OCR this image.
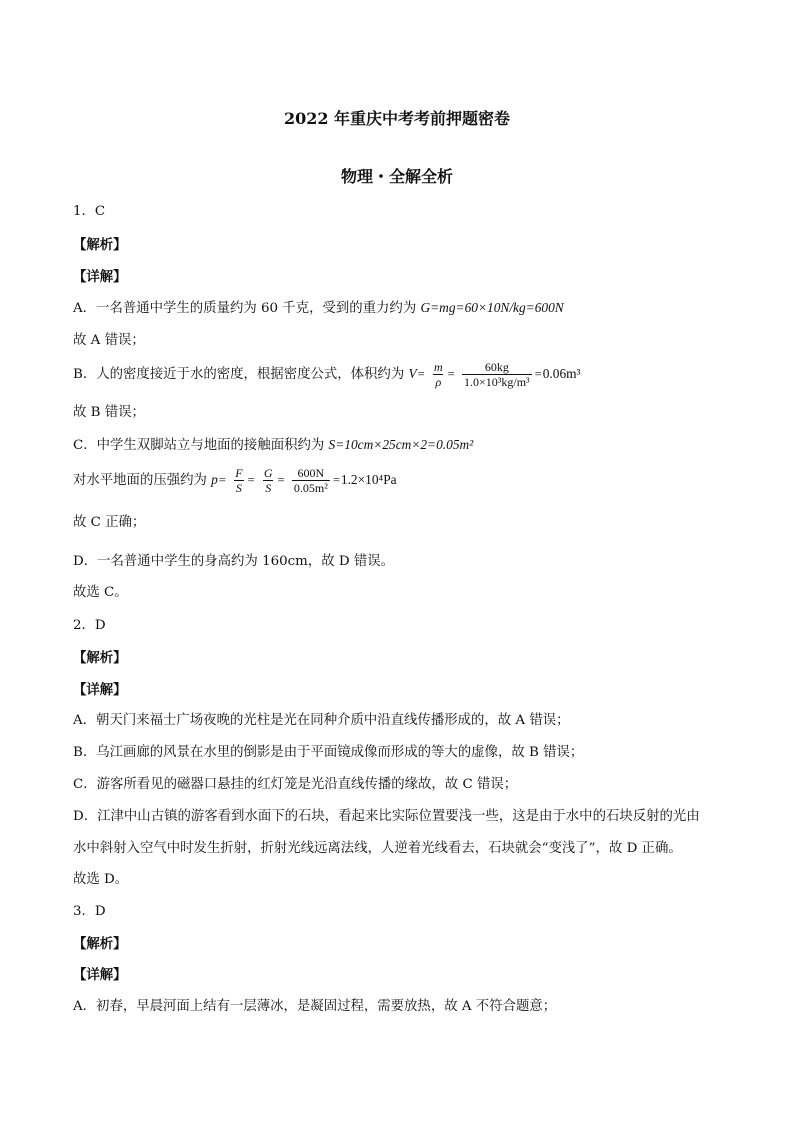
2022 年重庆中考考前押题密卷
物理・全解全析
1．C
【解析】
【详解】
A．一名普通中学生的质量约为 60 千克，受到的重力约为 G=mg=60×10N/kg=600N
故 A 错误；
B．人的密度接近于水的密度，根据密度公式，体积约为 $V= \frac{m}{\rho} = \frac{60kg}{\text{1.0×10³kg/m³}} =0.06m^3$
故 B 错误；
C．中学生双脚站立与地面的接触面积约为 S=10cm×25cm×2=0.05m²
对水平地面的压强约为 $p= \frac{F}{S} = \frac{G}{S} = \frac{600N}{\text{0.05m²}} =1.2\times 10^4Pa$
故 C 正确；
D．一名普通中学生的身高约为 160cm，故 D 错误。
故选 C。
2．D
【解析】
【详解】
A．朝天门来福士广场夜晚的光柱是光在同种介质中沿直线传播形成的，故 A 错误；
B．乌江画廊的风景在水里的倒影是由于平面镜成像而形成的等大的虚像，故 B 错误；
C．游客所看见的磁器口悬挂的红灯笼是光沿直线传播的缘故，故 C 错误；
D．江津中山古镇的游客看到水面下的石块，看起来比实际位置要浅一些，这是由于水中的石块反射的光由
水中斜射入空气中时发生折射，折射光线远离法线，人逆着光线看去，石块就会“变浅了”，故 D 正确。
故选 D。
3．D
【解析】
【详解】
A．初春，早晨河面上结有一层薄冰，是凝固过程，需要放热，故 A 不符合题意；
